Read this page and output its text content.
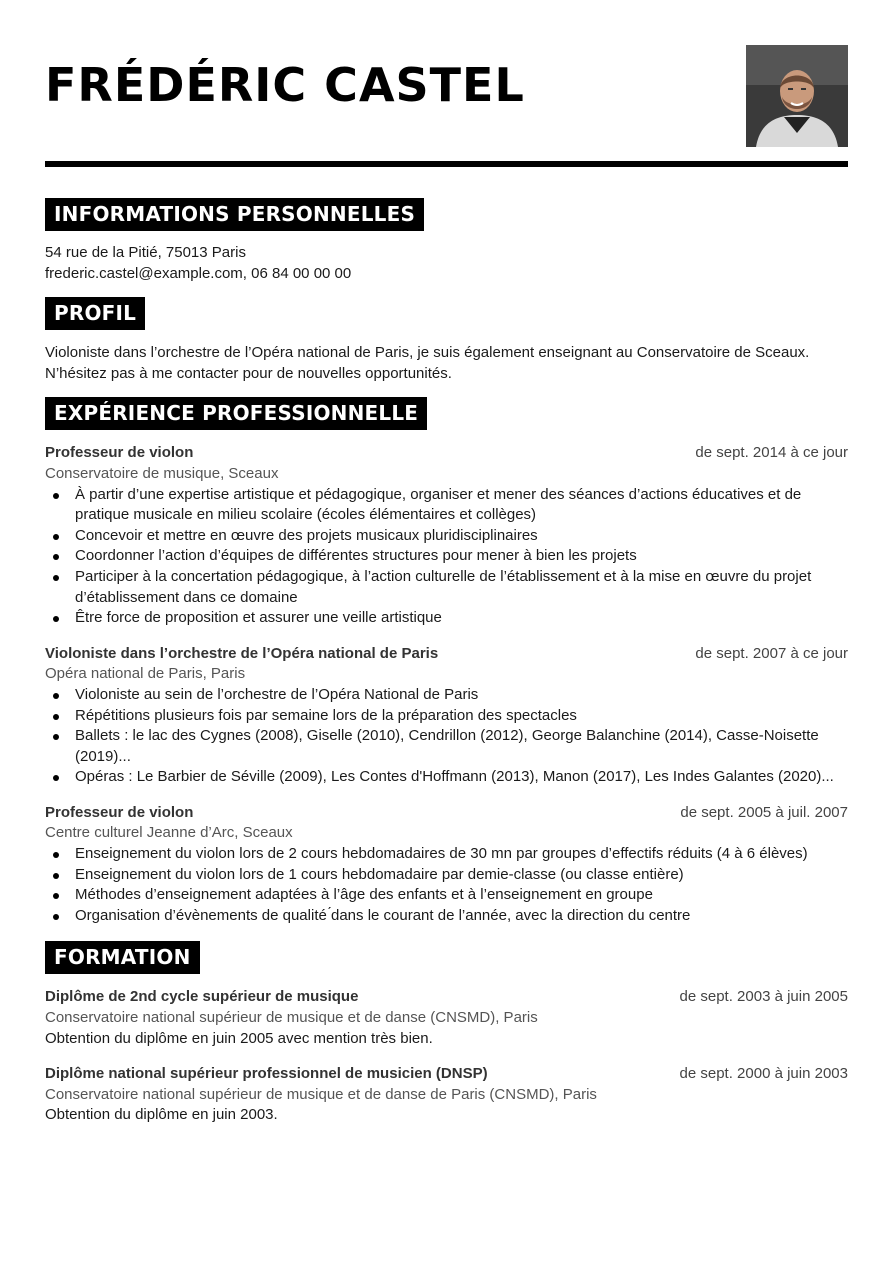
FRÉDÉRIC CASTEL
INFORMATIONS PERSONNELLES

54 rue de la Pitié, 75013 Paris

frederic.castel@example.com, 06 84 00 00 00

PROFIL

Violoniste dans l’orchestre de l’Opéra national de Paris, je suis également enseignant au Conservatoire de Sceaux. N’hésitez pas à me contacter pour de nouvelles opportunités.

EXPÉRIENCE PROFESSIONNELLE
Professeur de violon	de sept. 2014 à ce jour
Conservatoire de musique, Sceaux
À partir d’une expertise artistique et pédagogique, organiser et mener des séances d’actions éducatives et de pratique musicale en milieu scolaire (écoles élémentaires et collèges)
Concevoir et mettre en œuvre des projets musicaux pluridisciplinaires
Coordonner l’action d’équipes de différentes structures pour mener à bien les projets
Participer à la concertation pédagogique, à l’action culturelle de l’établissement et à la mise en œuvre du projet d’établissement dans ce domaine
Être force de proposition et assurer une veille artistique
Violoniste dans l’orchestre de l’Opéra national de Paris	de sept. 2007 à ce jour
Opéra national de Paris, Paris
Violoniste au sein de l’orchestre de l’Opéra National de Paris
Répétitions plusieurs fois par semaine lors de la préparation des spectacles
Ballets : le lac des Cygnes (2008), Giselle (2010), Cendrillon (2012), George Balanchine (2014), Casse-Noisette (2019)...
Opéras : Le Barbier de Séville (2009), Les Contes d'Hoffmann (2013), Manon (2017), Les Indes Galantes (2020)...
Professeur de violon	de sept. 2005 à juil. 2007
Centre culturel Jeanne d’Arc, Sceaux
Enseignement du violon lors de 2 cours hebdomadaires de 30 mn par groupes d’effectifs réduits (4 à 6 élèves)
Enseignement du violon lors de 1 cours hebdomadaire par demie-classe (ou classe entière)
Méthodes d’enseignement adaptées à l’âge des enfants et à l’enseignement en groupe
Organisation d’évènements de qualité ́dans le courant de l’année, avec la direction du centre
FORMATION
Diplôme de 2nd cycle supérieur de musique	de sept. 2003 à juin 2005
Conservatoire national supérieur de musique et de danse (CNSMD), Paris
Obtention du diplôme en juin 2005 avec mention très bien.
Diplôme national supérieur professionnel de musicien (DNSP)	de sept. 2000 à juin 2003
Conservatoire national supérieur de musique et de danse de Paris (CNSMD), Paris
Obtention du diplôme en juin 2003.
